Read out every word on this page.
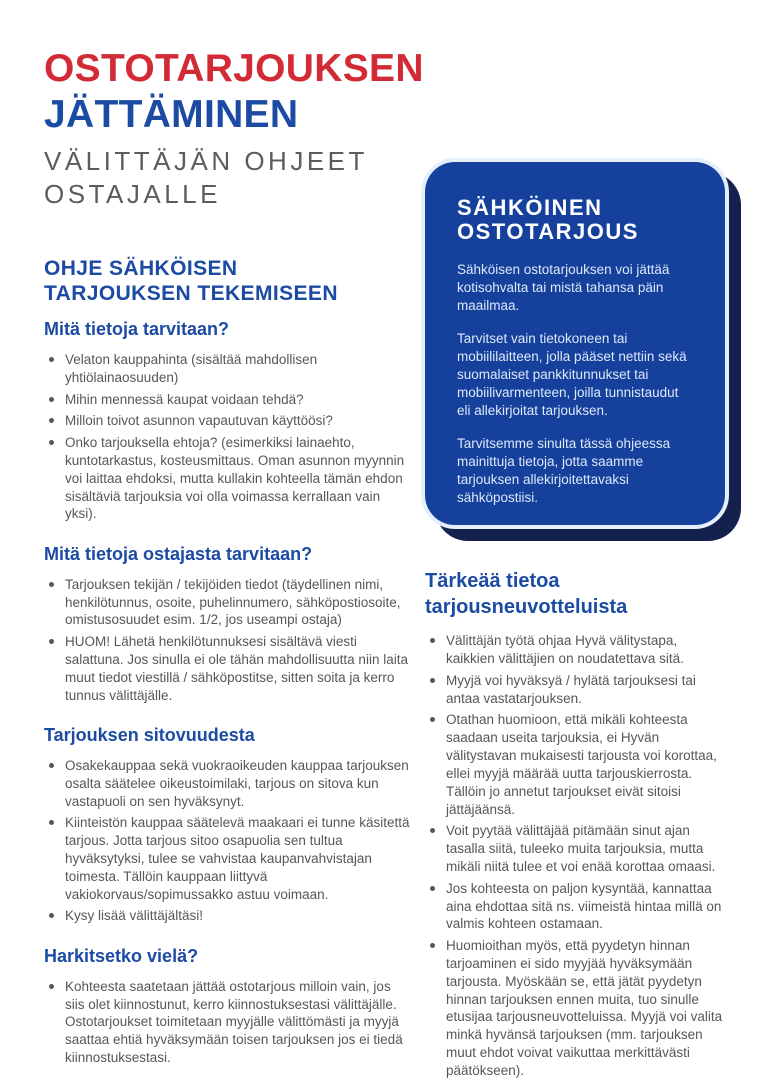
OSTOTARJOUKSEN
JÄTTÄMINEN
VÄLITTÄJÄN OHJEET OSTAJALLE
OHJE SÄHKÖISEN TARJOUKSEN TEKEMISEEN
Mitä tietoja tarvitaan?
Velaton kauppahinta (sisältää mahdollisen yhtiölainaosuuden)
Mihin mennessä kaupat voidaan tehdä?
Milloin toivot asunnon vapautuvan käyttöösi?
Onko tarjouksella ehtoja? (esimerkiksi lainaehto, kuntotarkastus, kosteusmittaus. Oman asunnon myynnin voi laittaa ehdoksi, mutta kullakin kohteella tämän ehdon sisältäviä tarjouksia voi olla voimassa kerrallaan vain yksi).
Mitä tietoja ostajasta tarvitaan?
Tarjouksen tekijän / tekijöiden tiedot (täydellinen nimi, henkilötunnus, osoite, puhelinnumero, sähköpostiosoite, omistusosuudet esim. 1/2, jos useampi ostaja)
HUOM! Lähetä henkilötunnuksesi sisältävä viesti salattuna. Jos sinulla ei ole tähän mahdollisuutta niin laita muut tiedot viestillä / sähköpostitse, sitten soita ja kerro tunnus välittäjälle.
Tarjouksen sitovuudesta
Osakekauppaa sekä vuokraoikeuden kauppaa tarjouksen osalta säätelee oikeustoimilaki, tarjous on sitova kun vastapuoli on sen hyväksynyt.
Kiinteistön kauppaa säätelevä maakaari ei tunne käsitettä tarjous. Jotta tarjous sitoo osapuolia sen tultua hyväksytyksi, tulee se vahvistaa kaupanvahvistajan toimesta. Tällöin kauppaan liittyvä vakiokorvaus/sopimussakko astuu voimaan.
Kysy lisää välittäjältäsi!
Harkitsetko vielä?
Kohteesta saatetaan jättää ostotarjous milloin vain, jos siis olet kiinnostunut, kerro kiinnostuksestasi välittäjälle. Ostotarjoukset toimitetaan myyjälle välittömästi ja myyjä saattaa ehtiä hyväksymään toisen tarjouksen jos ei tiedä kiinnostuksestasi.
SÄHKÖINEN OSTOTARJOUS

Sähköisen ostotarjouksen voi jättää kotisohvalta tai mistä tahansa päin maailmaa.

Tarvitset vain tietokoneen tai mobiililaitteen, jolla pääset nettiin sekä suomalaiset pankkitunnukset tai mobiilivarmenteen, joilla tunnistaudut eli allekirjoitat tarjouksen.

Tarvitsemme sinulta tässä ohjeessa mainittuja tietoja, jotta saamme tarjouksen allekirjoitettavaksi sähköpostiisi.

Tärkeää tietoa tarjousneuvotteluista
Välittäjän työtä ohjaa Hyvä välitystapa, kaikkien välittäjien on noudatettava sitä.
Myyjä voi hyväksyä / hylätä tarjouksesi tai antaa vastatarjouksen.
Otathan huomioon, että mikäli kohteesta saadaan useita tarjouksia, ei Hyvän välitystavan mukaisesti tarjousta voi korottaa, ellei myyjä määrää uutta tarjouskierrosta. Tällöin jo annetut tarjoukset eivät sitoisi jättäjäänsä.
Voit pyytää välittäjää pitämään sinut ajan tasalla siitä, tuleeko muita tarjouksia, mutta mikäli niitä tulee et voi enää korottaa omaasi.
Jos kohteesta on paljon kysyntää, kannattaa aina ehdottaa sitä ns. viimeistä hintaa millä on valmis kohteen ostamaan.
Huomioithan myös, että pyydetyn hinnan tarjoaminen ei sido myyjää hyväksymään tarjousta. Myöskään se, että jätät pyydetyn hinnan tarjouksen ennen muita, tuo sinulle etusijaa tarjousneuvotteluissa. Myyjä voi valita minkä hyvänsä tarjouksen (mm. tarjouksen muut ehdot voivat vaikuttaa merkittävästi päätökseen).
